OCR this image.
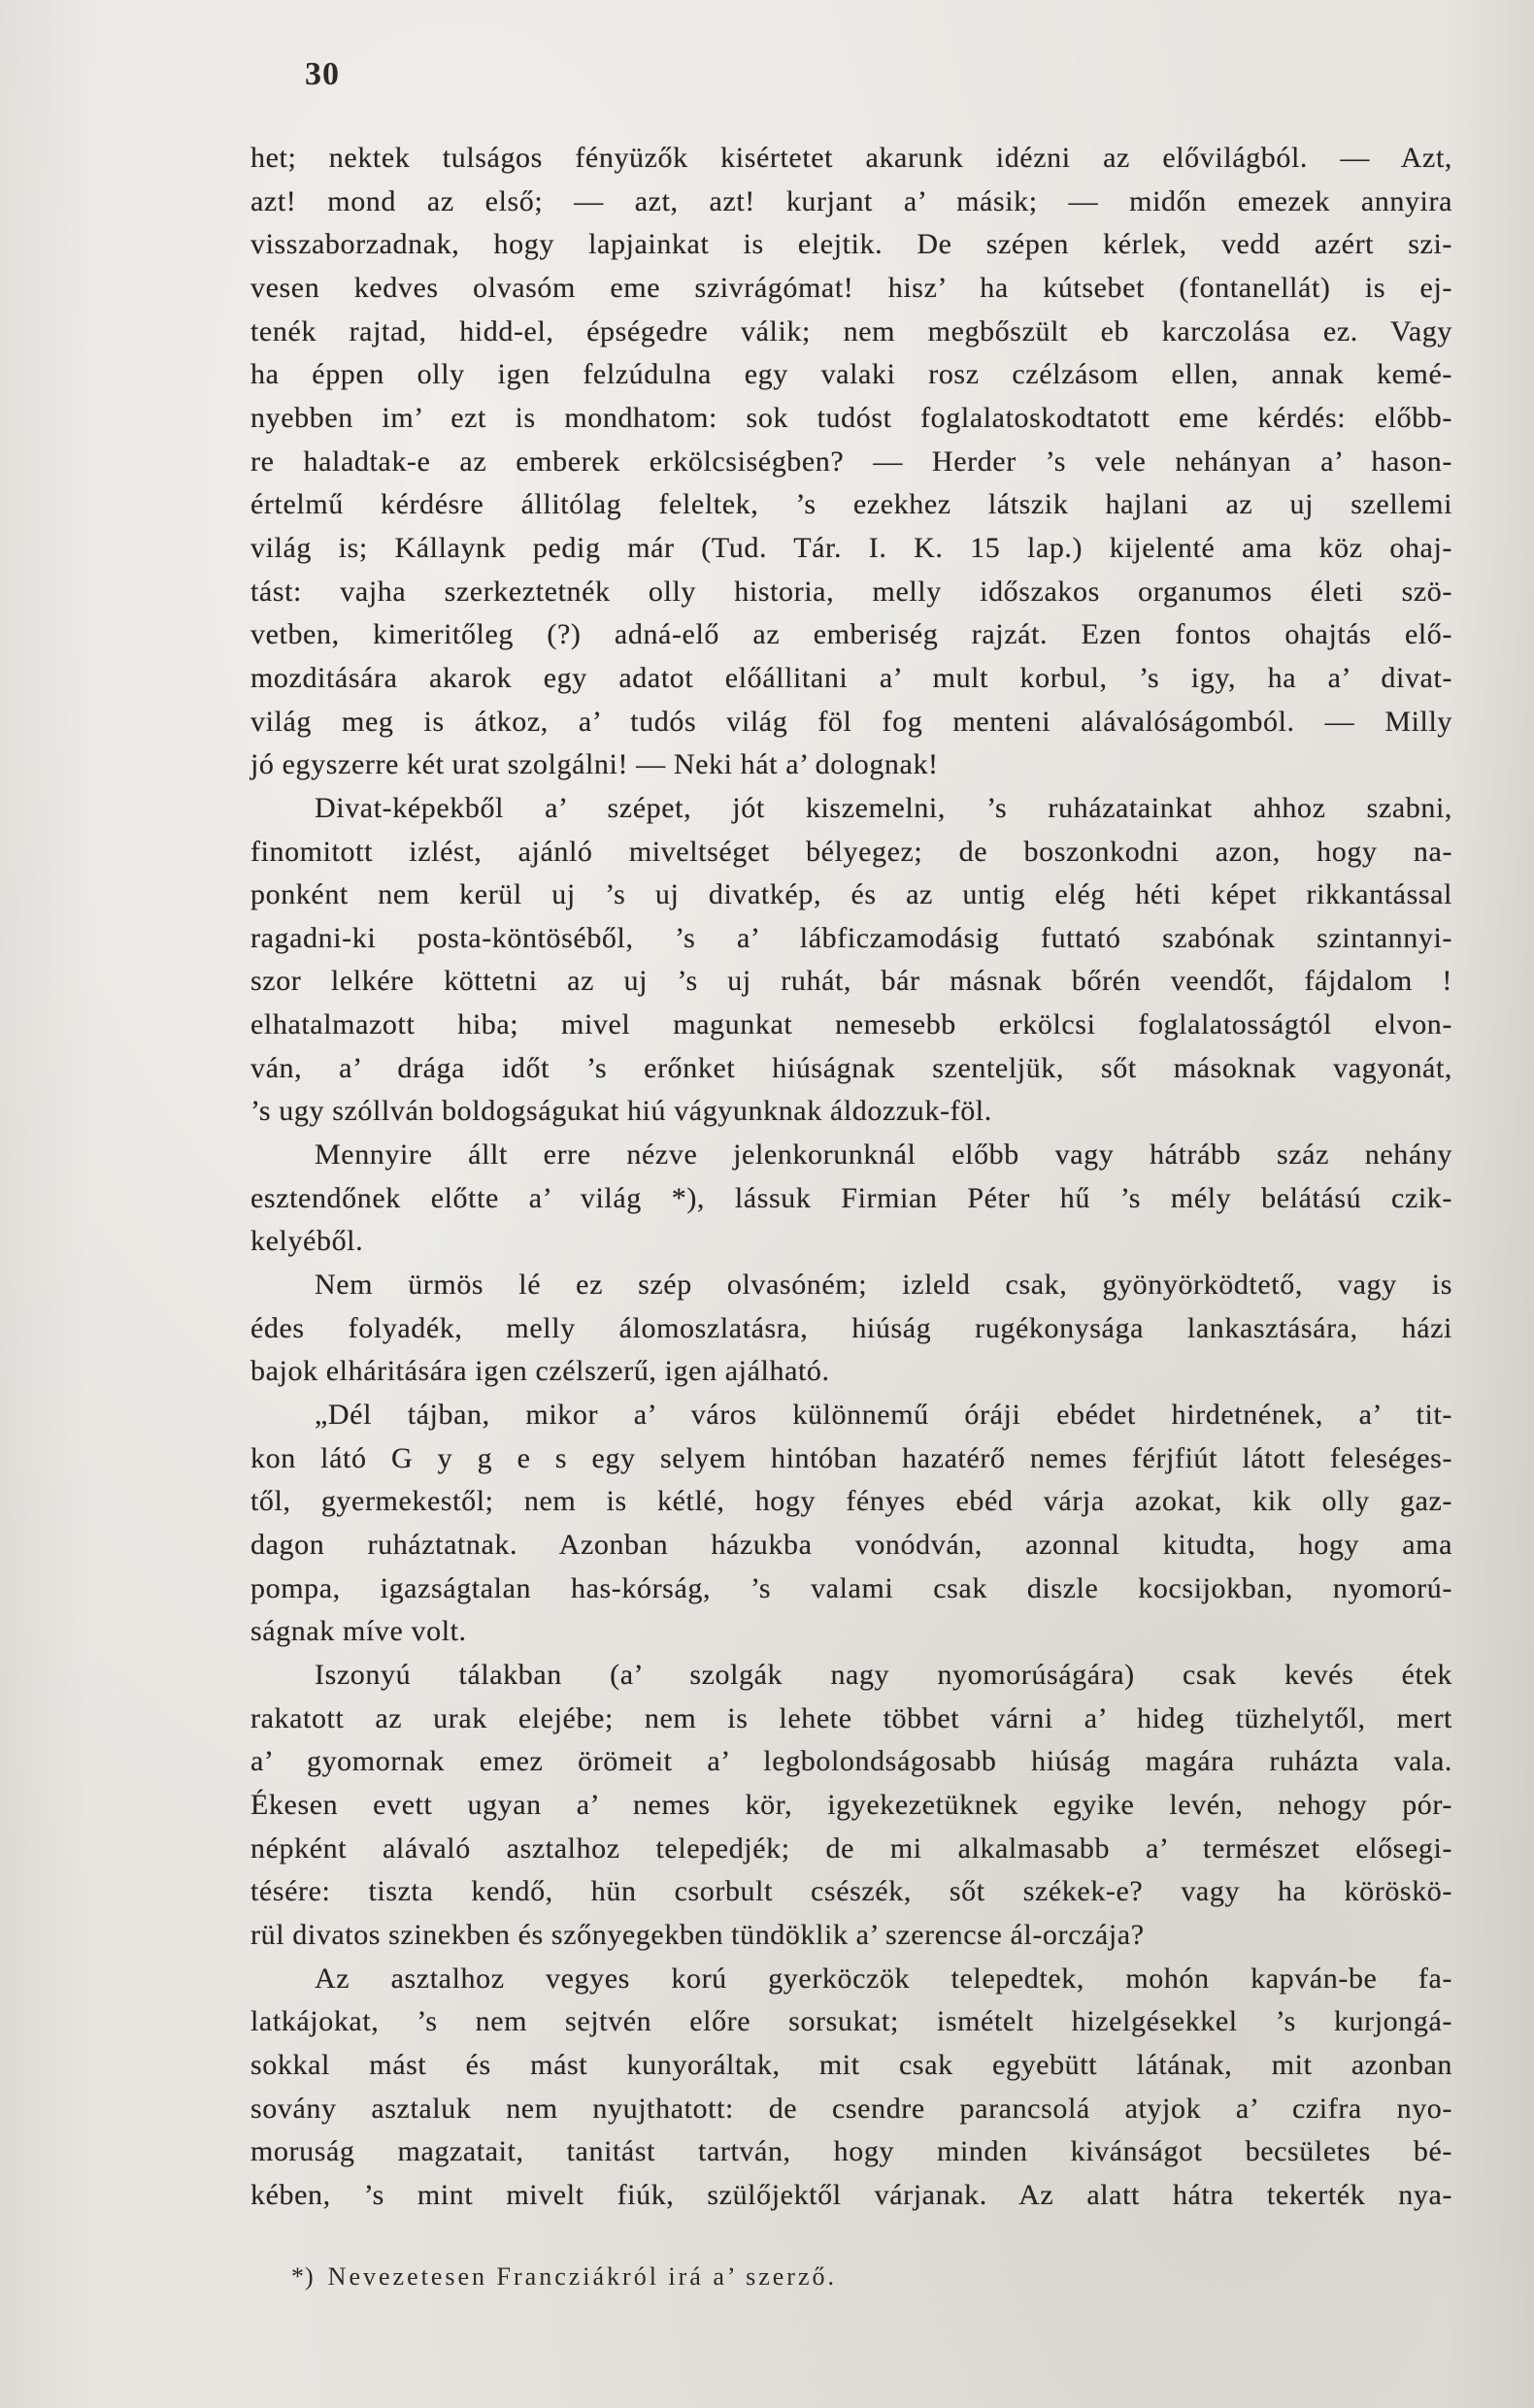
30
het; nektek tulságos fényüzők kisértetet akarunk idézni az elővilágból. — Azt,
azt! mond az első; — azt, azt! kurjant a’ másik; — midőn emezek annyira
visszaborzadnak, hogy lapjainkat is elejtik. De szépen kérlek, vedd azért szi-
vesen kedves olvasóm eme szivrágómat! hisz’ ha kútsebet (fontanellát) is ej-
tenék rajtad, hidd-el, épségedre válik; nem megbőszült eb karczolása ez. Vagy
ha éppen olly igen felzúdulna egy valaki rosz czélzásom ellen, annak kemé-
nyebben im’ ezt is mondhatom: sok tudóst foglalatoskodtatott eme kérdés: előbb-
re haladtak-e az emberek erkölcsiségben? — Herder ’s vele nehányan a’ hason-
értelmű kérdésre állitólag feleltek, ’s ezekhez látszik hajlani az uj szellemi
világ is; Kállaynk pedig már (Tud. Tár. I. K. 15 lap.) kijelenté ama köz ohaj-
tást: vajha szerkeztetnék olly historia, melly időszakos organumos életi szö-
vetben, kimeritőleg (?) adná-elő az emberiség rajzát. Ezen fontos ohajtás elő-
mozditására akarok egy adatot előállitani a’ mult korbul, ’s igy, ha a’ divat-
világ meg is átkoz, a’ tudós világ föl fog menteni alávalóságomból. — Milly
jó egyszerre két urat szolgálni! — Neki hát a’ dolognak!
Divat-képekből a’ szépet, jót kiszemelni, ’s ruházatainkat ahhoz szabni,
finomitott izlést, ajánló miveltséget bélyegez; de boszonkodni azon, hogy na-
ponként nem kerül uj ’s uj divatkép, és az untig elég héti képet rikkantással
ragadni-ki posta-köntöséből, ’s a’ lábficzamodásig futtató szabónak szintannyi-
szor lelkére köttetni az uj ’s uj ruhát, bár másnak bőrén veendőt, fájdalom !
elhatalmazott hiba; mivel magunkat nemesebb erkölcsi foglalatosságtól elvon-
ván, a’ drága időt ’s erőnket hiúságnak szenteljük, sőt másoknak vagyonát,
’s ugy szóllván boldogságukat hiú vágyunknak áldozzuk-föl.
Mennyire állt erre nézve jelenkorunknál előbb vagy hátrább száz nehány
esztendőnek előtte a’ világ *), lássuk Firmian Péter hű ’s mély belátású czik-
kelyéből.
Nem ürmös lé ez szép olvasóném; izleld csak, gyönyörködtető, vagy is
édes folyadék, melly álomoszlatásra, hiúság rugékonysága lankasztására, házi
bajok elháritására igen czélszerű, igen ajálható.
„Dél tájban, mikor a’ város különnemű óráji ebédet hirdetnének, a’ tit-
kon látó G y g e s egy selyem hintóban hazatérő nemes férjfiút látott feleséges-
től, gyermekestől; nem is kétlé, hogy fényes ebéd várja azokat, kik olly gaz-
dagon ruháztatnak. Azonban házukba vonódván, azonnal kitudta, hogy ama
pompa, igazságtalan has-kórság, ’s valami csak diszle kocsijokban, nyomorú-
ságnak míve volt.
Iszonyú tálakban (a’ szolgák nagy nyomorúságára) csak kevés étek
rakatott az urak elejébe; nem is lehete többet várni a’ hideg tüzhelytől, mert
a’ gyomornak emez örömeit a’ legbolondságosabb hiúság magára ruházta vala.
Ékesen evett ugyan a’ nemes kör, igyekezetüknek egyike levén, nehogy pór-
népként alávaló asztalhoz telepedjék; de mi alkalmasabb a’ természet elősegi-
tésére: tiszta kendő, hün csorbult csészék, sőt székek-e? vagy ha köröskö-
rül divatos szinekben és szőnyegekben tündöklik a’ szerencse ál-orczája?
Az asztalhoz vegyes korú gyerköczök telepedtek, mohón kapván-be fa-
latkájokat, ’s nem sejtvén előre sorsukat; ismételt hizelgésekkel ’s kurjongá-
sokkal mást és mást kunyoráltak, mit csak egyebütt látának, mit azonban
sovány asztaluk nem nyujthatott: de csendre parancsolá atyjok a’ czifra nyo-
moruság magzatait, tanitást tartván, hogy minden kivánságot becsületes bé-
kében, ’s mint mivelt fiúk, szülőjektől várjanak. Az alatt hátra tekerték nya-
*) Nevezetesen Francziákról irá a’ szerző.
